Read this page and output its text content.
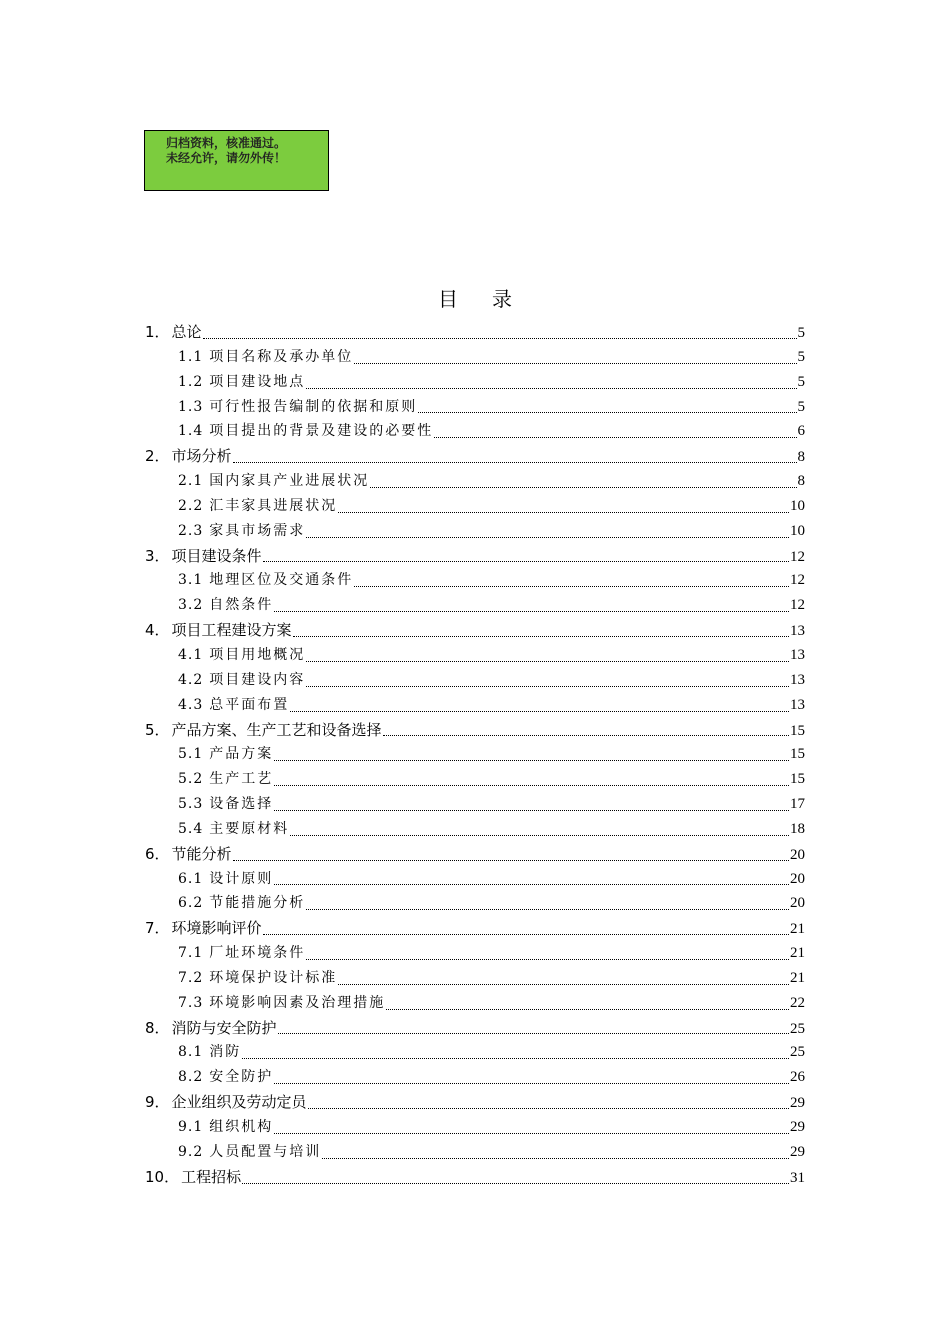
归档资料，核准通过。
未经允许，请勿外传！
目 录
1． 总论	5
1.1 项目名称及承办单位	5
1.2 项目建设地点	5
1.3 可行性报告编制的依据和原则	5
1.4 项目提出的背景及建设的必要性	6
2． 市场分析	8
2.1 国内家具产业进展状况	8
2.2 汇丰家具进展状况	10
2.3 家具市场需求	10
3． 项目建设条件	12
3.1 地理区位及交通条件	12
3.2 自然条件	12
4． 项目工程建设方案	13
4.1 项目用地概况	13
4.2 项目建设内容	13
4.3 总平面布置	13
5． 产品方案、生产工艺和设备选择	15
5.1 产品方案	15
5.2 生产工艺	15
5.3 设备选择	17
5.4 主要原材料	18
6． 节能分析	20
6.1 设计原则	20
6.2 节能措施分析	20
7． 环境影响评价	21
7.1 厂址环境条件	21
7.2 环境保护设计标准	21
7.3 环境影响因素及治理措施	22
8． 消防与安全防护	25
8.1 消防	25
8.2 安全防护	26
9． 企业组织及劳动定员	29
9.1 组织机构	29
9.2 人员配置与培训	29
10． 工程招标	31
